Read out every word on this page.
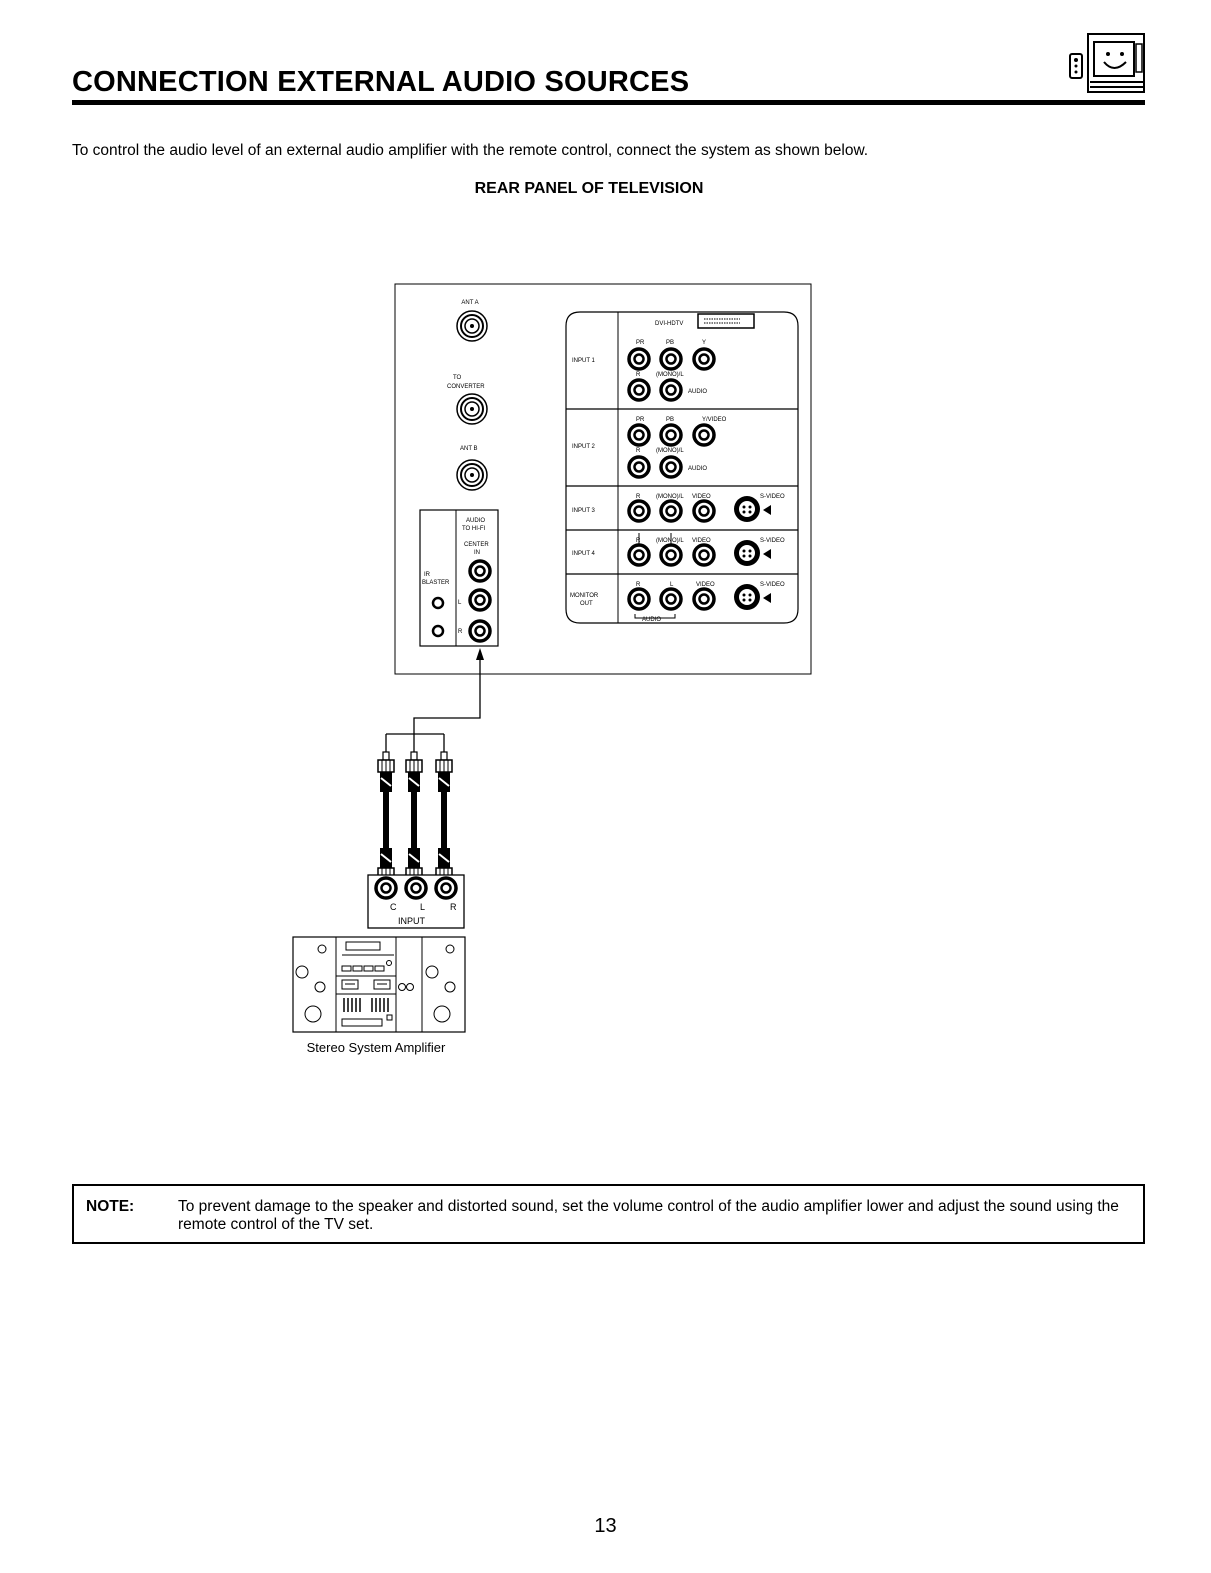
CONNECTION EXTERNAL AUDIO SOURCES

To control the audio level of an external audio amplifier with the remote control, connect the system as shown below.

REAR PANEL OF TELEVISION

ANT A
TO
CONVERTER
ANT B
AUDIO
TO HI-FI
CENTER
IN
IR
BLASTER
L
R
DVI-HDTV
INPUT 1
PR	PB	Y
R	(MONO)/L
AUDIO
INPUT 2
PR	PB	Y/VIDEO
R	(MONO)/L
AUDIO
INPUT 3
R	(MONO)/L VIDEO	S-VIDEO
INPUT 4
R	(MONO)/L VIDEO	S-VIDEO
MONITOR
OUT
R	L	VIDEO	S-VIDEO
AUDIO
C	L	R
INPUT
Stereo System Amplifier
NOTE:	To prevent damage to the speaker and distorted sound, set the volume control of the audio amplifier lower and adjust the sound using the remote control of the TV set.
13
